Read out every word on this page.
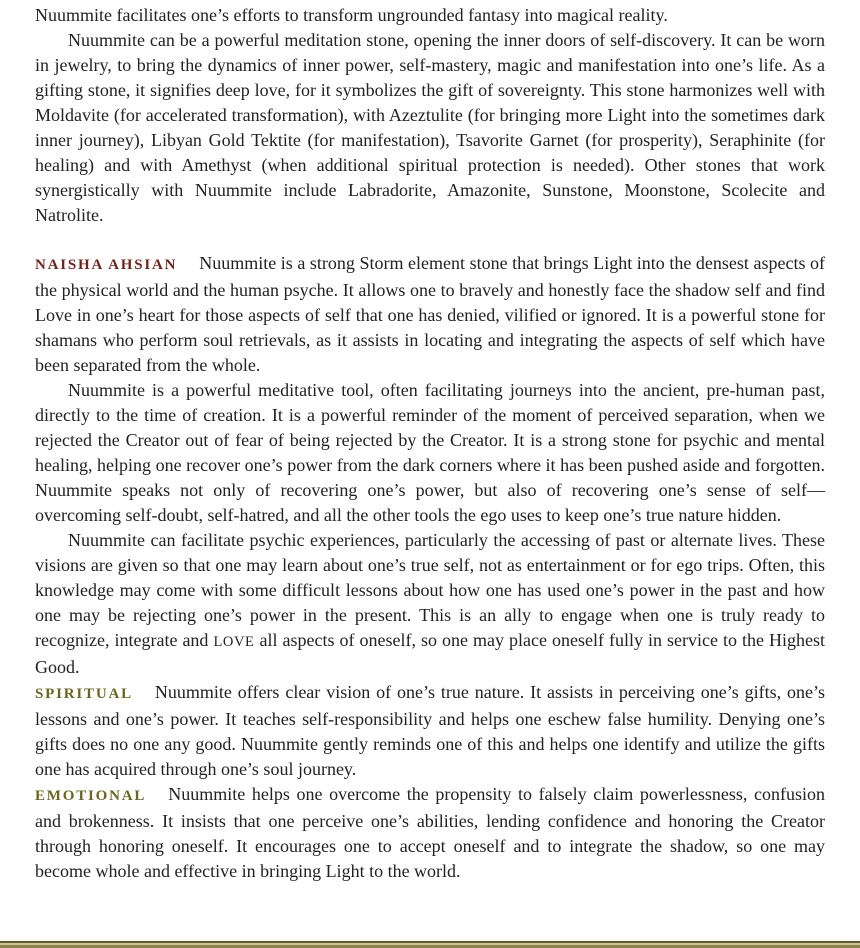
Nuummite facilitates one’s efforts to transform ungrounded fantasy into magical reality.

Nuummite can be a powerful meditation stone, opening the inner doors of self-discovery. It can be worn in jewelry, to bring the dynamics of inner power, self-mastery, magic and manifestation into one’s life. As a gifting stone, it signifies deep love, for it symbolizes the gift of sovereignty. This stone harmonizes well with Moldavite (for accelerated transformation), with Azeztulite (for bringing more Light into the sometimes dark inner journey), Libyan Gold Tektite (for manifestation), Tsavorite Garnet (for prosperity), Seraphinite (for healing) and with Amethyst (when additional spiritual protection is needed). Other stones that work synergistically with Nuummite include Labradorite, Amazonite, Sunstone, Moonstone, Scolecite and Natrolite.

NAISHA AHSIAN Nuummite is a strong Storm element stone that brings Light into the densest aspects of the physical world and the human psyche. It allows one to bravely and honestly face the shadow self and find Love in one’s heart for those aspects of self that one has denied, vilified or ignored. It is a powerful stone for shamans who perform soul retrievals, as it assists in locating and integrating the aspects of self which have been separated from the whole.

Nuummite is a powerful meditative tool, often facilitating journeys into the ancient, pre-human past, directly to the time of creation. It is a powerful reminder of the moment of perceived separation, when we rejected the Creator out of fear of being rejected by the Creator. It is a strong stone for psychic and mental healing, helping one recover one’s power from the dark corners where it has been pushed aside and forgotten. Nuummite speaks not only of recovering one’s power, but also of recovering one’s sense of self—overcoming self-doubt, self-hatred, and all the other tools the ego uses to keep one’s true nature hidden.

Nuummite can facilitate psychic experiences, particularly the accessing of past or alternate lives. These visions are given so that one may learn about one’s true self, not as entertainment or for ego trips. Often, this knowledge may come with some difficult lessons about how one has used one’s power in the past and how one may be rejecting one’s power in the present. This is an ally to engage when one is truly ready to recognize, integrate and LOVE all aspects of oneself, so one may place oneself fully in service to the Highest Good.

SPIRITUAL Nuummite offers clear vision of one’s true nature. It assists in perceiving one’s gifts, one’s lessons and one’s power. It teaches self-responsibility and helps one eschew false humility. Denying one’s gifts does no one any good. Nuummite gently reminds one of this and helps one identify and utilize the gifts one has acquired through one’s soul journey.

EMOTIONAL Nuummite helps one overcome the propensity to falsely claim powerlessness, confusion and brokenness. It insists that one perceive one’s abilities, lending confidence and honoring the Creator through honoring oneself. It encourages one to accept oneself and to integrate the shadow, so one may become whole and effective in bringing Light to the world.
